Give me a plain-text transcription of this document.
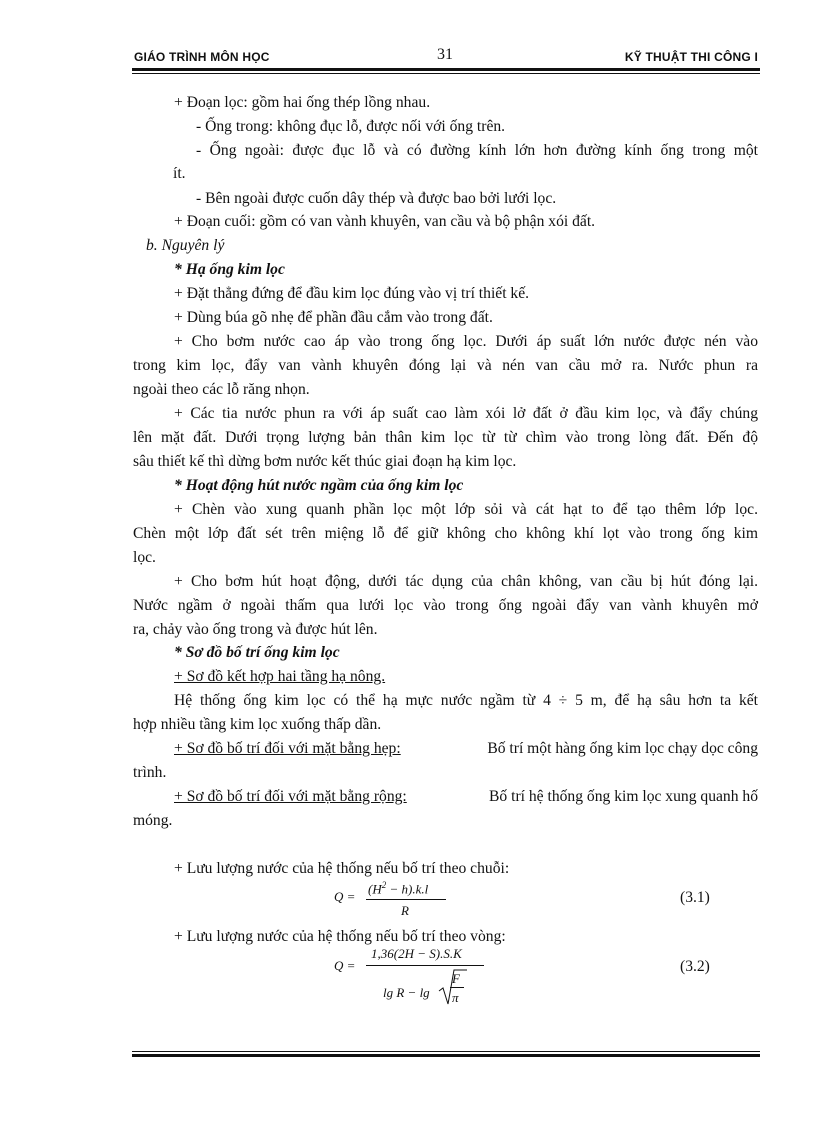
GIÁO TRÌNH MÔN HỌC	31	KỸ THUẬT THI CÔNG I
+ Đoạn lọc: gồm hai ống thép lồng nhau.
- Ống trong: không đục lỗ, được nối với ống trên.
- Ống ngoài: được đục lỗ và có đường kính lớn hơn đường kính ống trong một
ít.
- Bên ngoài được cuốn dây thép và được bao bởi lưới lọc.
+ Đoạn cuối: gồm có van vành khuyên, van cầu và bộ phận xói đất.
b. Nguyên lý
* Hạ ống kim lọc
+ Đặt thẳng đứng để đầu kim lọc đúng vào vị trí thiết kế.
+ Dùng búa gõ nhẹ để phần đầu cắm vào trong đất.
+ Cho bơm nước cao áp vào trong ống lọc. Dưới áp suất lớn nước được nén vào
trong kim lọc, đẩy van vành khuyên đóng lại và nén van cầu mở ra. Nước phun ra
ngoài theo các lỗ răng nhọn.
+ Các tia nước phun ra với áp suất cao làm xói lở đất ở đầu kim lọc, và đẩy chúng
lên mặt đất. Dưới trọng lượng bản thân kim lọc từ từ chìm vào trong lòng đất. Đến độ
sâu thiết kế thì dừng bơm nước kết thúc giai đoạn hạ kim lọc.
* Hoạt động hút nước ngầm của ống kim lọc
+ Chèn vào xung quanh phần lọc một lớp sỏi và cát hạt to để tạo thêm lớp lọc.
Chèn một lớp đất sét trên miệng lỗ để giữ không cho không khí lọt vào trong ống kim
lọc.
+ Cho bơm hút hoạt động, dưới tác dụng của chân không, van cầu bị hút đóng lại.
Nước ngầm ở ngoài thấm qua lưới lọc vào trong ống ngoài đẩy van vành khuyên mở
ra, chảy vào ống trong và được hút lên.
* Sơ đồ bố trí ống kim lọc
+ Sơ đồ kết hợp hai tầng hạ nông.
Hệ thống ống kim lọc có thể hạ mực nước ngầm từ 4 ÷ 5 m, để hạ sâu hơn ta kết
hợp nhiều tầng kim lọc xuống thấp dần.
+ Sơ đồ bố trí đối với mặt bằng hẹp:	Bố trí một hàng ống kim lọc chạy dọc công
trình.
+ Sơ đồ bố trí đối với mặt bằng rộng:	Bố trí hệ thống ống kim lọc xung quanh hố
móng.
+ Lưu lượng nước của hệ thống nếu bố trí theo chuỗi:
Q =
$(H^2 - h).k.l$
R
(3.1)
+ Lưu lượng nước của hệ thống nếu bố trí theo vòng:
Q =
1,36(2H − S).S.K
lg R − lg
F
π
(3.2)
